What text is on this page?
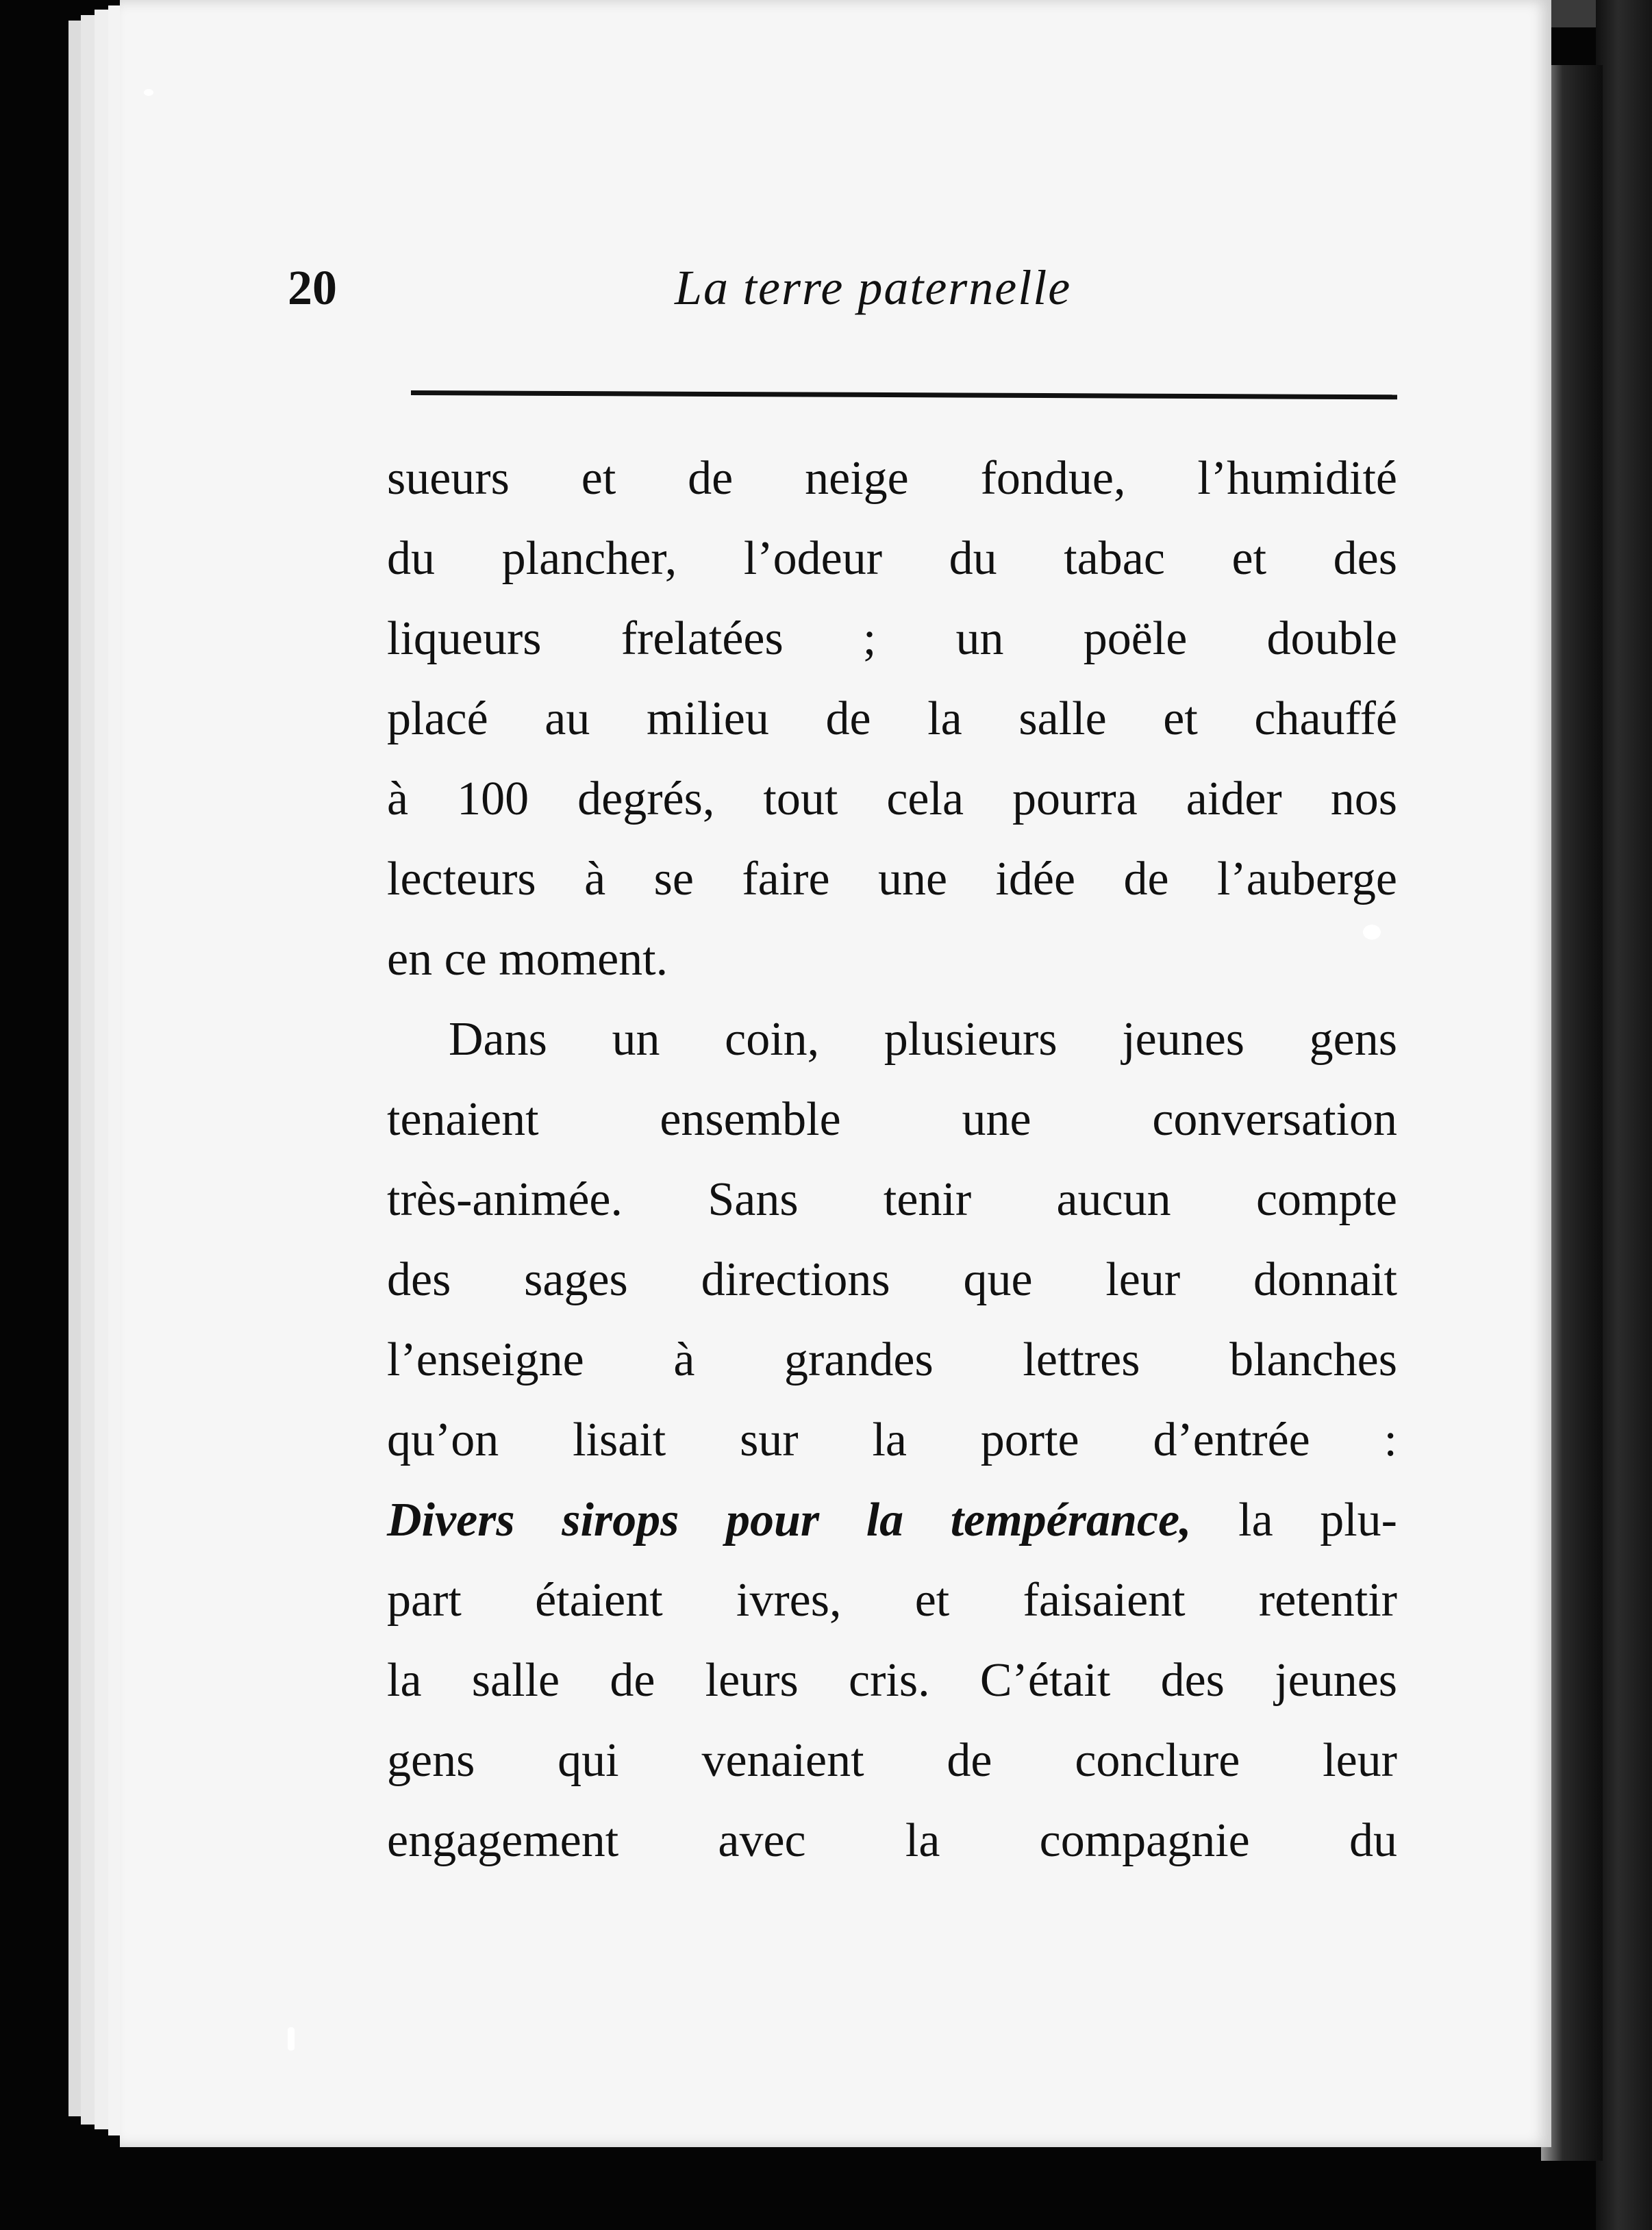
20	La terre paternelle
sueurs et de neige fondue, l’humidité
du plancher, l’odeur du tabac et des
liqueurs frelatées ; un poële double
placé au milieu de la salle et chauffé
à 100 degrés, tout cela pourra aider nos
lecteurs à se faire une idée de l’auberge
en ce moment.
Dans un coin, plusieurs jeunes gens
tenaient ensemble une conversation
très-animée. Sans tenir aucun compte
des sages directions que leur donnait
l’enseigne à grandes lettres blanches
qu’on lisait sur la porte d’entrée :
Divers sirops pour la tempérance, la plu-
part étaient ivres, et faisaient retentir
la salle de leurs cris. C’était des jeunes
gens qui venaient de conclure leur
engagement avec la compagnie du
